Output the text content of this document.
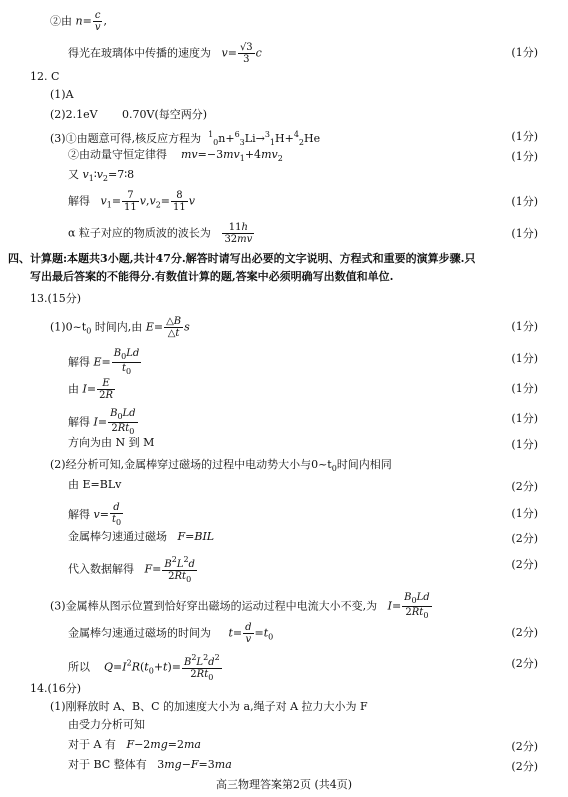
②由 $n= \frac{c}{v}$ ,
得光在玻璃体中传播的速度为 $v= \frac{√3}{3}$ c	(1分)
12. C
(1)A
(2)2.1eV 0.70V(每空两分)
(3)①由题意可得,核反应方程为 $^1_0$n+$^6_3$Li→$^3_1$H+$^4_2$He	(1分)
②由动量守恒定律得 $mv=-3mv_1+4mv_2$	(1分)
又 $v_1∶v_2=7∶8$
解得 $v_1= \frac{7}{11} v,v_2= \frac{8}{11}$ v	(1分)
α 粒子对应的物质波的波长为 $\frac{11h}{32mv}$	(1分)
四、计算题:本题共3小题,共计47分.解答时请写出必要的文字说明、方程式和重要的演算步骤.只
写出最后答案的不能得分.有数值计算的题,答案中必须明确写出数值和单位.
13.(15分)
$(1)0\sim t_0$ 时间内,由 $E= \frac{\triangle B}{\triangle t}$ s	(1分)
解得 $E= \frac{B_0Ld}{t_0}$	(1分)
由 $I= \frac{E}{2R}$	(1分)
解得 $I= \frac{B_0Ld}{2Rt_0}$	(1分)
方向为由 N 到 M	(1分)
(2)经分析可知,金属棒穿过磁场的过程中电动势大小与$0\sim t_0$时间内相同
由 E=BLv	(2分)
解得 $v= \frac{d}{t_0}$	(1分)
金属棒匀速通过磁场 F=BIL	(2分)
代入数据解得 $F= \frac{B^2L^2d}{2Rt_0}$	(2分)
(3)金属棒从图示位置到恰好穿出磁场的运动过程中电流大小不变,为 $I= \frac{B_0Ld}{2Rt_0}$
金属棒匀速通过磁场的时间为 $t= \frac{d}{v} =t_0$	(2分)
所以 $Q=I^2R(t_0+t)= \frac{B^2L^2d^2}{2Rt_0}$	(2分)
14.(16分)
(1)刚释放时 A、B、C 的加速度大小为 a,绳子对 A 拉力大小为 F
由受力分析可知
对于 A 有 F−2mg=2ma	(2分)
对于 BC 整体有   3mg−F=3ma	(2分)
高三物理答案第2页 (共4页)
